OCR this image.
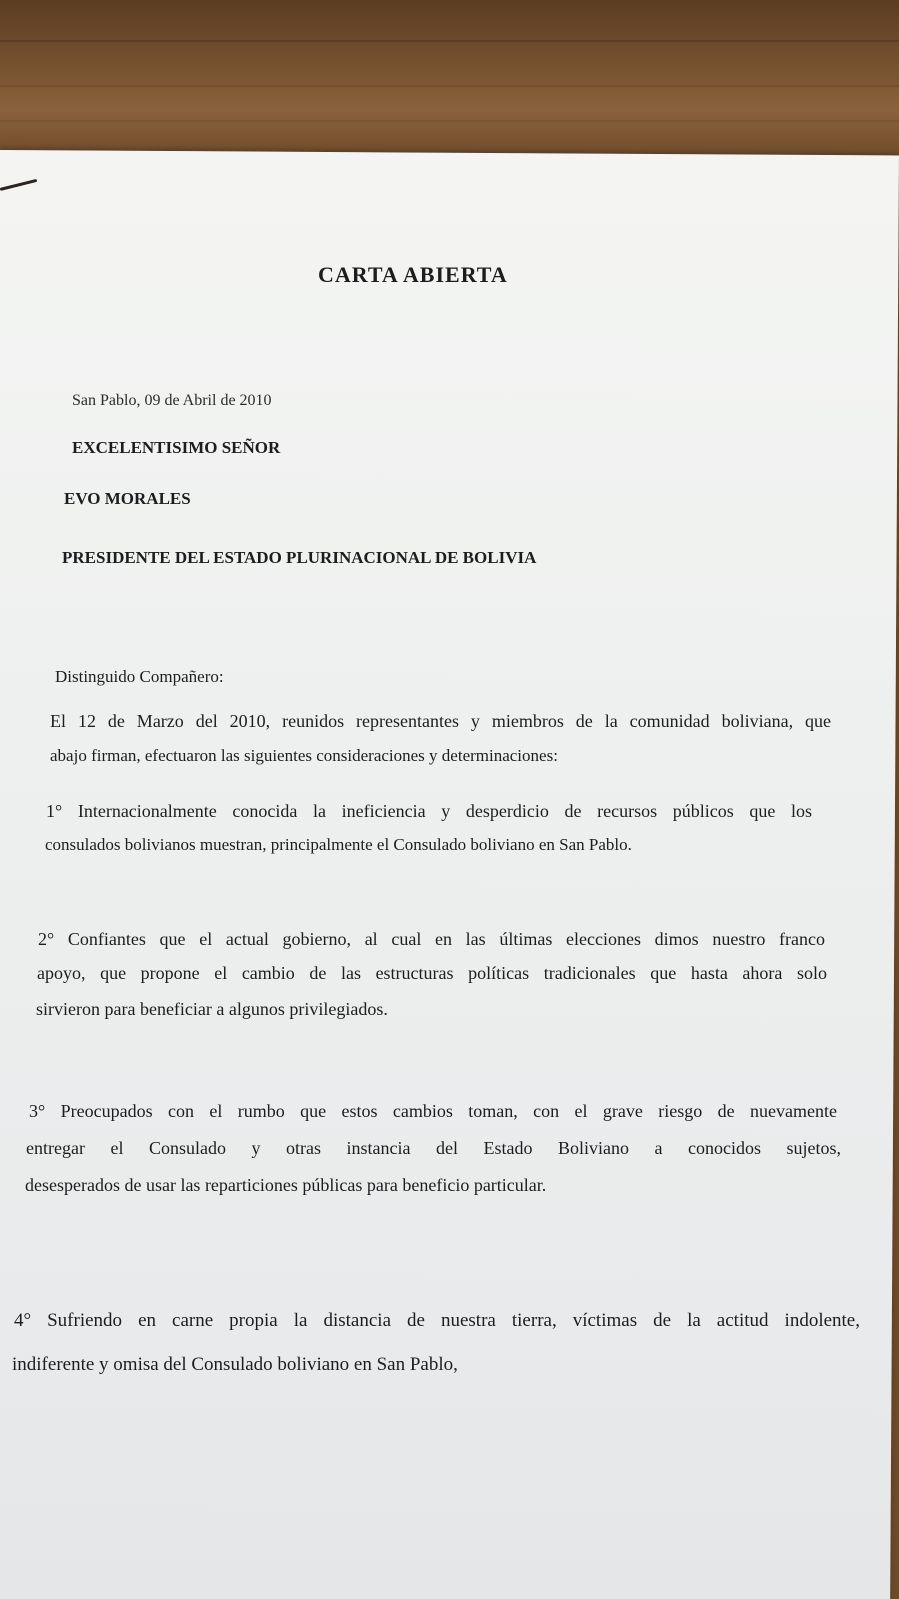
CARTA ABIERTA
San Pablo, 09 de Abril de 2010
EXCELENTISIMO SEÑOR
EVO MORALES
PRESIDENTE DEL ESTADO PLURINACIONAL DE BOLIVIA
Distinguido Compañero:
El 12 de Marzo del 2010, reunidos representantes y miembros de la comunidad boliviana, que
abajo firman, efectuaron las siguientes consideraciones y determinaciones:
1° Internacionalmente conocida la ineficiencia y desperdicio de recursos públicos que los
consulados bolivianos muestran, principalmente el Consulado boliviano en San Pablo.
2° Confiantes que el actual gobierno, al cual en las últimas elecciones dimos nuestro franco
apoyo, que propone el cambio de las estructuras políticas tradicionales que hasta ahora solo
sirvieron para beneficiar a algunos privilegiados.
3° Preocupados con el rumbo que estos cambios toman, con el grave riesgo de nuevamente
entregar el Consulado y otras instancia del Estado Boliviano a conocidos sujetos,
desesperados de usar las reparticiones públicas para beneficio particular.
4° Sufriendo en carne propia la distancia de nuestra tierra, víctimas de la actitud indolente,
indiferente y omisa del Consulado boliviano en San Pablo,
